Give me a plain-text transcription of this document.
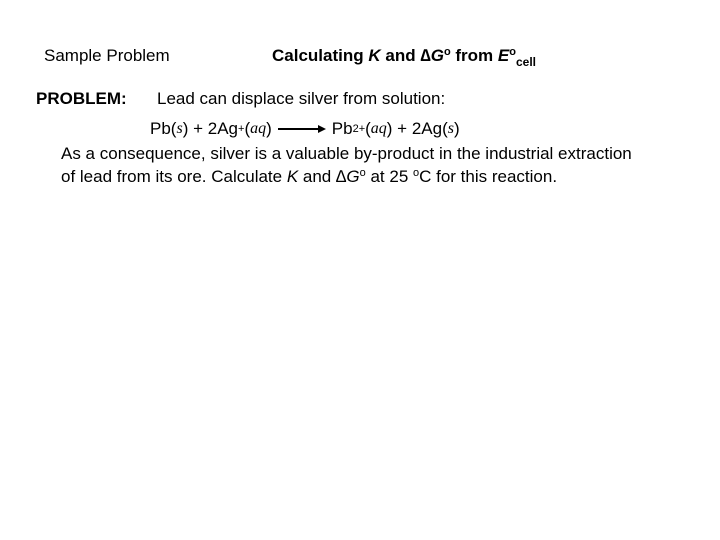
Sample Problem	Calculating K and $\Delta G^o$ from $E^o_{cell}$
PROBLEM: Lead can displace silver from solution:
Pb( s ) + 2Ag + ( aq ) → Pb 2+ ( aq ) + 2Ag( s )
As a consequence, silver is a valuable by-product in the industrial extraction
of lead from its ore. Calculate K and $\Delta G^o$ at 25 $^o$C for this reaction.
